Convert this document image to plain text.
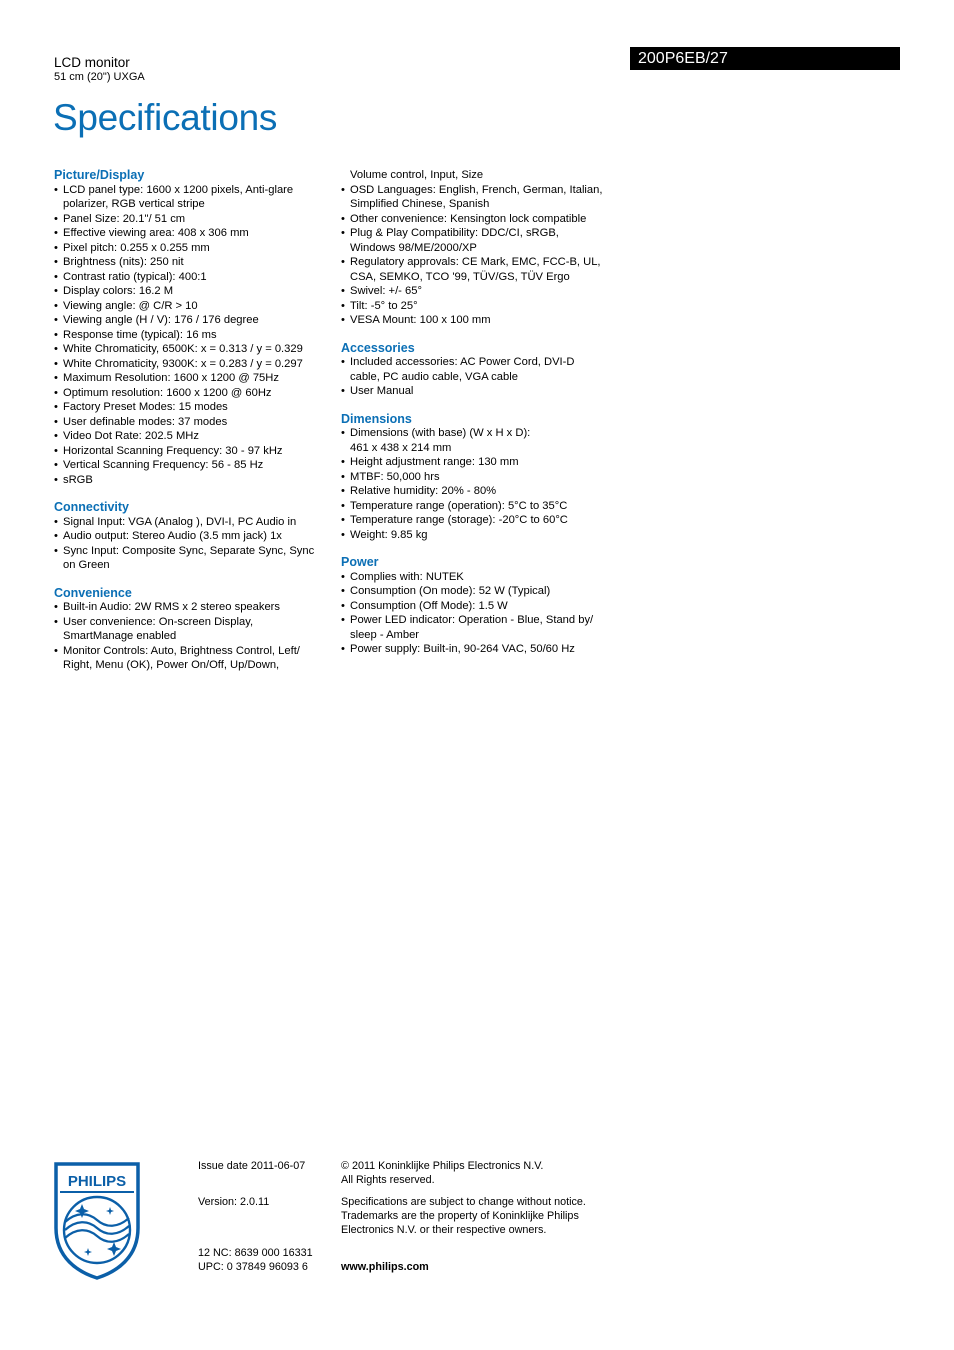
LCD monitor
51 cm (20") UXGA
Specifications
200P6EB/27
Picture/Display
• LCD panel type: 1600 x 1200 pixels, Anti-glare
polarizer, RGB vertical stripe
• Panel Size: 20.1"/ 51 cm
• Effective viewing area: 408 x 306 mm
• Pixel pitch: 0.255 x 0.255 mm
• Brightness (nits): 250 nit
• Contrast ratio (typical): 400:1
• Display colors: 16.2 M
• Viewing angle: @ C/R > 10
• Viewing angle (H / V): 176 / 176 degree
• Response time (typical): 16 ms
• White Chromaticity, 6500K: x = 0.313 / y = 0.329
• White Chromaticity, 9300K: x = 0.283 / y = 0.297
• Maximum Resolution: 1600 x 1200 @ 75Hz
• Optimum resolution: 1600 x 1200 @ 60Hz
• Factory Preset Modes: 15 modes
• User definable modes: 37 modes
• Video Dot Rate: 202.5 MHz
• Horizontal Scanning Frequency: 30 - 97 kHz
• Vertical Scanning Frequency: 56 - 85 Hz
• sRGB
Connectivity
• Signal Input: VGA (Analog ), DVI-I, PC Audio in
• Audio output: Stereo Audio (3.5 mm jack) 1x
• Sync Input: Composite Sync, Separate Sync, Sync
on Green
Convenience
• Built-in Audio: 2W RMS x 2 stereo speakers
• User convenience: On-screen Display,
SmartManage enabled
• Monitor Controls: Auto, Brightness Control, Left/
Right, Menu (OK), Power On/Off, Up/Down,
Volume control, Input, Size
• OSD Languages: English, French, German, Italian,
Simplified Chinese, Spanish
• Other convenience: Kensington lock compatible
• Plug & Play Compatibility: DDC/CI, sRGB,
Windows 98/ME/2000/XP
• Regulatory approvals: CE Mark, EMC, FCC-B, UL,
CSA, SEMKO, TCO '99, TÜV/GS, TÜV Ergo
• Swivel: +/- 65°
• Tilt: -5° to 25°
• VESA Mount: 100 x 100 mm
Accessories
• Included accessories: AC Power Cord, DVI-D
cable, PC audio cable, VGA cable
• User Manual
Dimensions
• Dimensions (with base) (W x H x D):
461 x 438 x 214 mm
• Height adjustment range: 130 mm
• MTBF: 50,000 hrs
• Relative humidity: 20% - 80%
• Temperature range (operation): 5°C to 35°C
• Temperature range (storage): -20°C to 60°C
• Weight: 9.85 kg
Power
• Complies with: NUTEK
• Consumption (On mode): 52 W (Typical)
• Consumption (Off Mode): 1.5 W
• Power LED indicator: Operation - Blue, Stand by/
sleep - Amber
• Power supply: Built-in, 90-264 VAC, 50/60 Hz
PHILIPS
Issue date 2011-06-07
Version: 2.0.11
12 NC: 8639 000 16331
UPC: 0 37849 96093 6
© 2011 Koninklijke Philips Electronics N.V.
All Rights reserved.
Specifications are subject to change without notice.
Trademarks are the property of Koninklijke Philips
Electronics N.V. or their respective owners.
www.philips.com
